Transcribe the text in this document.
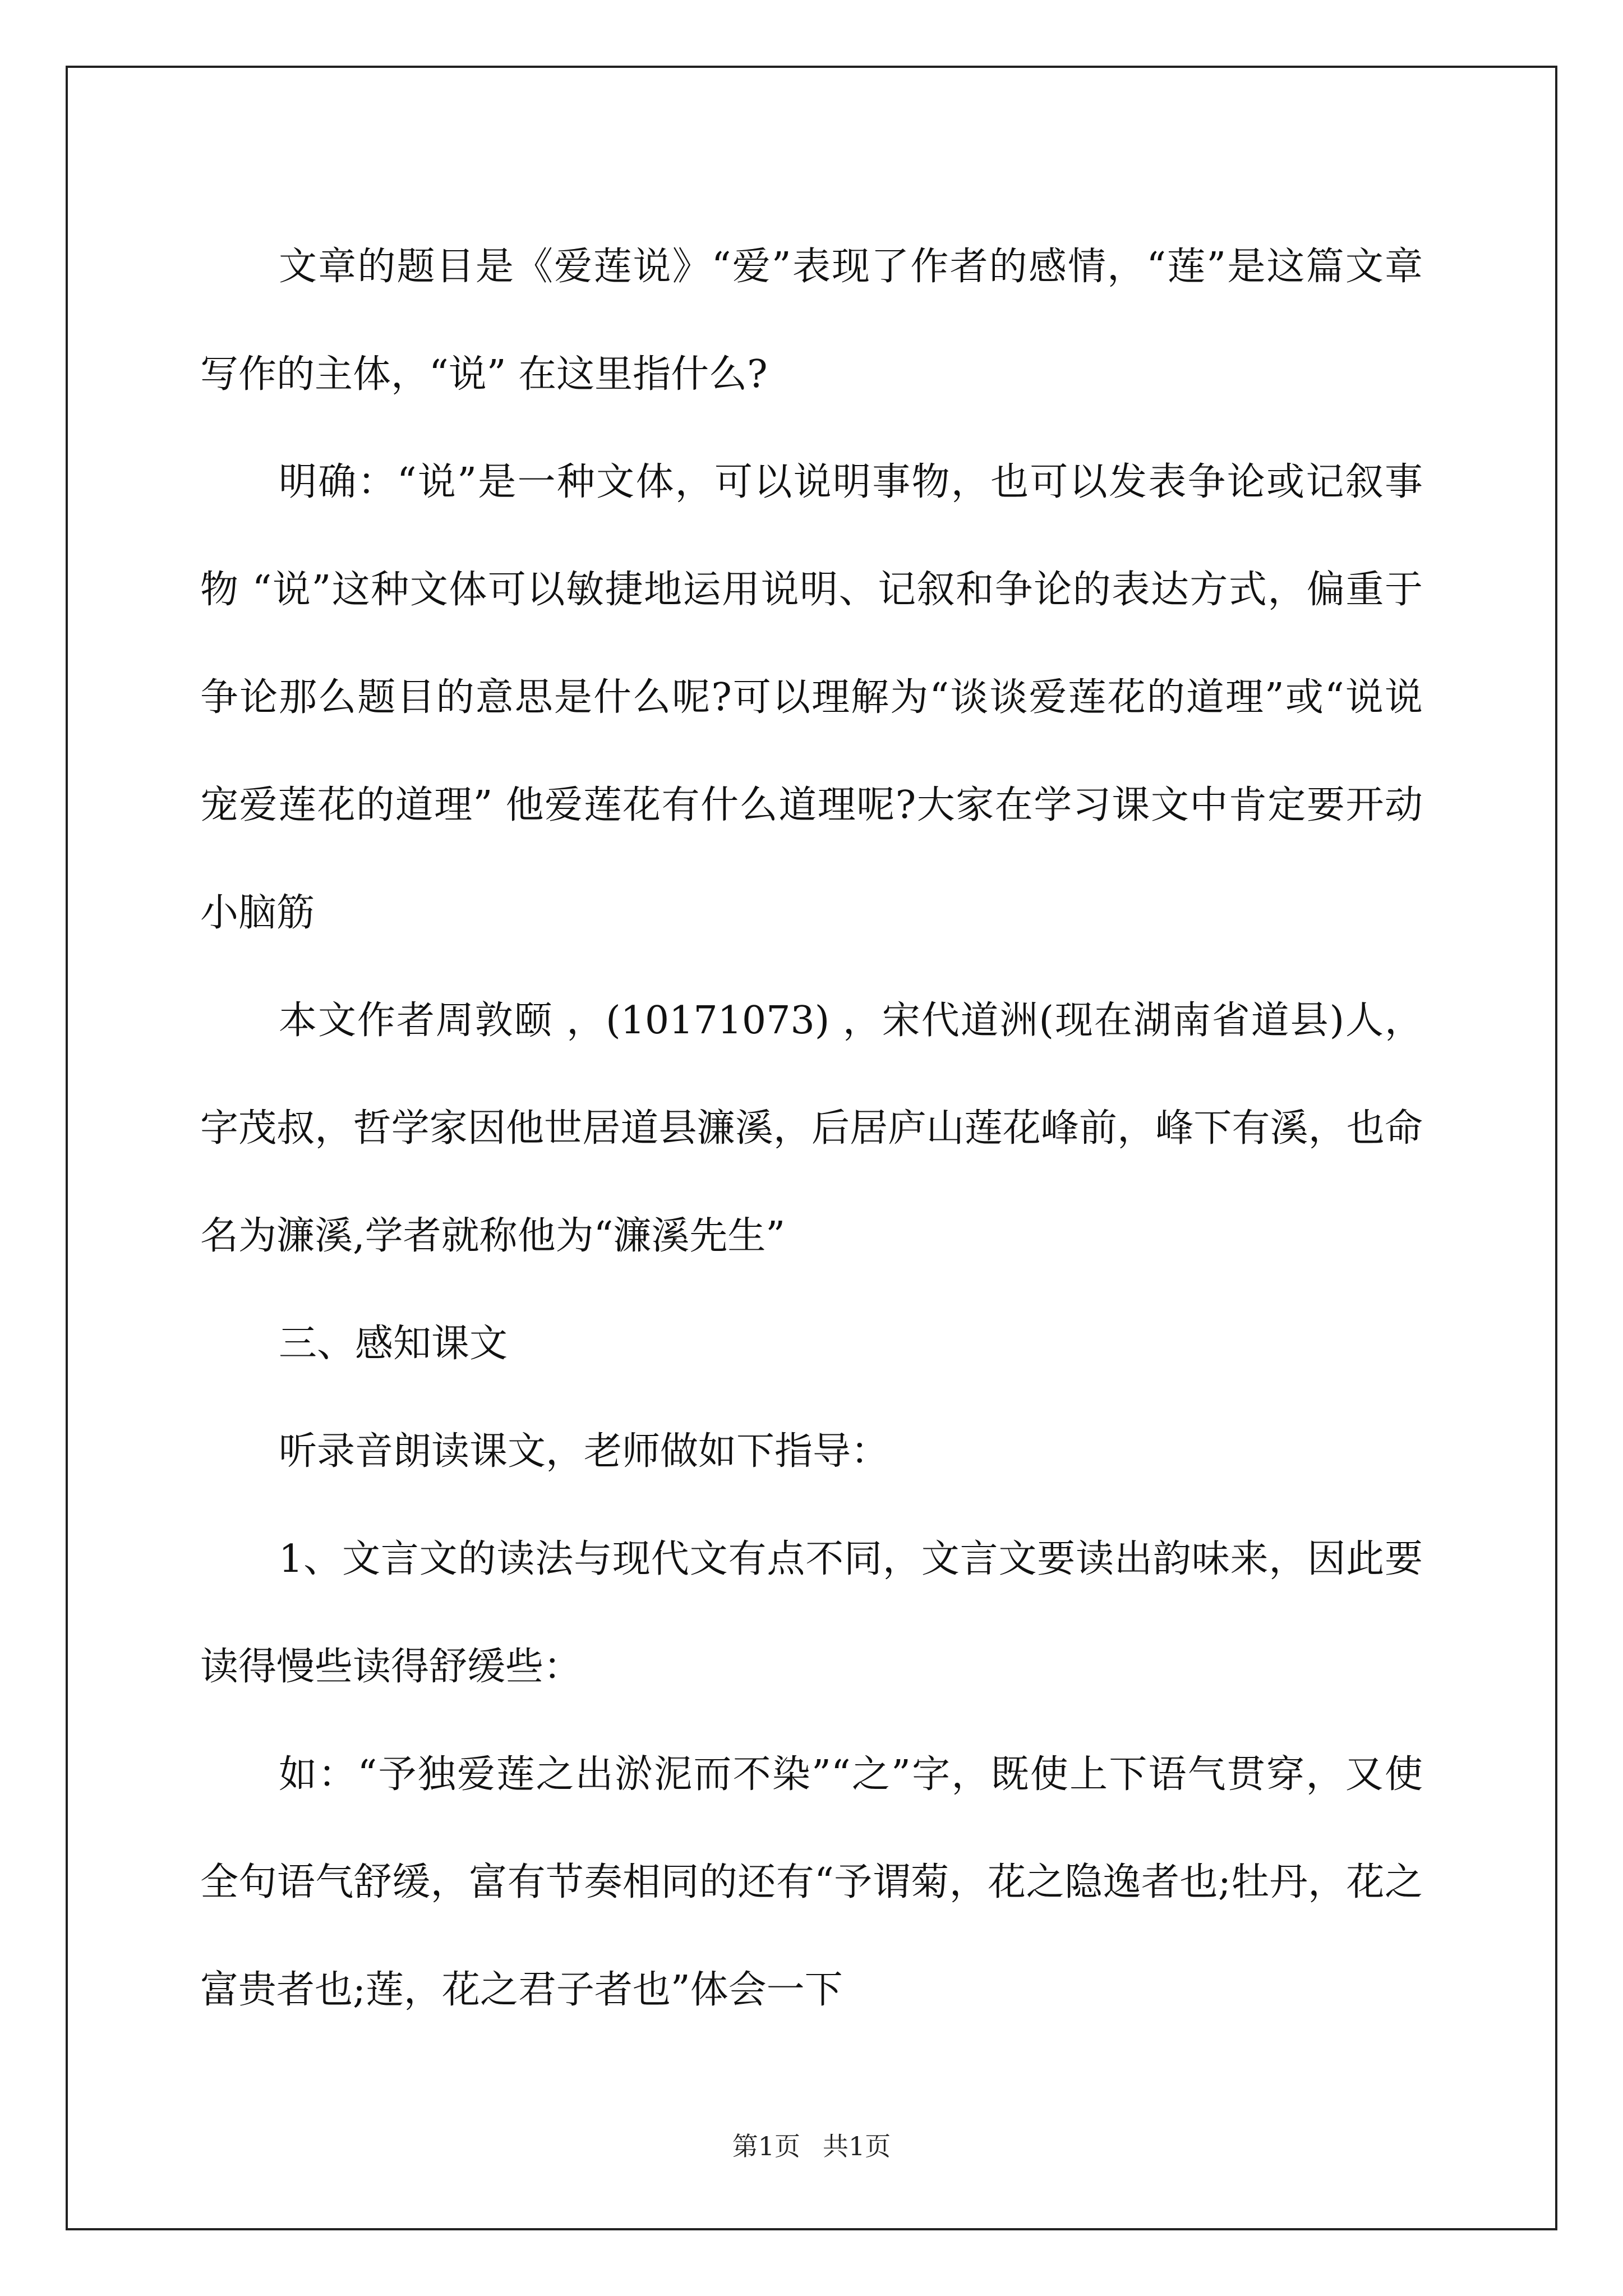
文章的题目是《爱莲说》“爱”表现了作者的感情，“莲”是这篇文章写作的主体，“说” 在这里指什么?

明确：“说”是一种文体，可以说明事物，也可以发表争论或记叙事物 “说”这种文体可以敏捷地运用说明、记叙和争论的表达方式，偏重于争论那么题目的意思是什么呢?可以理解为“谈谈爱莲花的道理”或“说说宠爱莲花的道理” 他爱莲花有什么道理呢?大家在学习课文中肯定要开动小脑筋

本文作者周敦颐 ，(10171073) ，宋代道洲(现在湖南省道县)人，字茂叔，哲学家因他世居道县濂溪，后居庐山莲花峰前，峰下有溪，也命名为濂溪,学者就称他为“濂溪先生”

三、感知课文

听录音朗读课文，老师做如下指导：

1、文言文的读法与现代文有点不同，文言文要读出韵味来，因此要读得慢些读得舒缓些：

如：“予独爱莲之出淤泥而不染”“之”字，既使上下语气贯穿，又使全句语气舒缓，富有节奏相同的还有“予谓菊，花之隐逸者也;牡丹，花之富贵者也;莲，花之君子者也”体会一下

第1页 共1页
